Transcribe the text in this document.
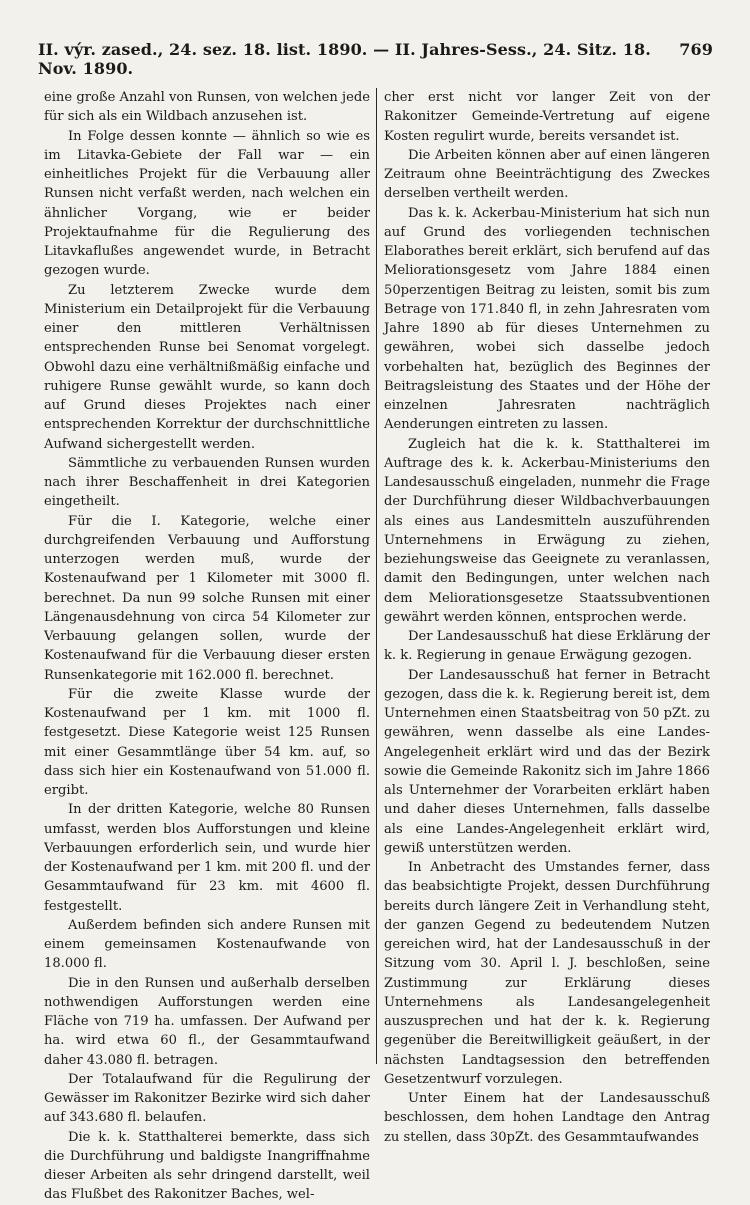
II. výr. zased., 24. sez. 18. list. 1890. — II. Jahres-Sess., 24. Sitz. 18. Nov. 1890.
769

eine große Anzahl von Runsen, von welchen jede für sich als ein Wildbach anzusehen ist.

In Folge dessen konnte — ähnlich so wie es im Litavka-Gebiete der Fall war — ein einheitliches Projekt für die Verbauung aller Runsen nicht verfaßt werden, nach welchen ein ähnlicher Vorgang, wie er beider Projektaufnahme für die Regulierung des Litavkaflußes angewendet wurde, in Betracht gezogen wurde.

Zu letzterem Zwecke wurde dem Ministerium ein Detailprojekt für die Verbauung einer den mittleren Verhältnissen entsprechenden Runse bei Senomat vorgelegt. Obwohl dazu eine verhältnißmäßig einfache und ruhigere Runse gewählt wurde, so kann doch auf Grund dieses Projektes nach einer entsprechenden Korrektur der durchschnittliche Aufwand sichergestellt werden.

Sämmtliche zu verbauenden Runsen wurden nach ihrer Beschaffenheit in drei Kategorien eingetheilt.

Für die I. Kategorie, welche einer durchgreifenden Verbauung und Aufforstung unterzogen werden muß, wurde der Kostenaufwand per 1 Kilometer mit 3000 fl. berechnet. Da nun 99 solche Runsen mit einer Längenausdehnung von circa 54 Kilometer zur Verbauung gelangen sollen, wurde der Kostenaufwand für die Verbauung dieser ersten Runsenkategorie mit 162.000 fl. berechnet.

Für die zweite Klasse wurde der Kostenaufwand per 1 km. mit 1000 fl. festgesetzt. Diese Kategorie weist 125 Runsen mit einer Gesammtlänge über 54 km. auf, so dass sich hier ein Kostenaufwand von 51.000 fl. ergibt.

In der dritten Kategorie, welche 80 Runsen umfasst, werden blos Aufforstungen und kleine Verbauungen erforderlich sein, und wurde hier der Kostenaufwand per 1 km. mit 200 fl. und der Gesammtaufwand für 23 km. mit 4600 fl. festgestellt.

Außerdem befinden sich andere Runsen mit einem gemeinsamen Kostenaufwande von 18.000 fl.

Die in den Runsen und außerhalb derselben nothwendigen Aufforstungen werden eine Fläche von 719 ha. umfassen. Der Aufwand per ha. wird etwa 60 fl., der Gesammtaufwand daher 43.080 fl. betragen.

Der Totalaufwand für die Regulirung der Gewässer im Rakonitzer Bezirke wird sich daher auf 343.680 fl. belaufen.

Die k. k. Statthalterei bemerkte, dass sich die Durchführung und baldigste Inangriffnahme dieser Arbeiten als sehr dringend darstellt, weil das Flußbet des Rakonitzer Baches, wel-

cher erst nicht vor langer Zeit von der Rakonitzer Gemeinde-Vertretung auf eigene Kosten regulirt wurde, bereits versandet ist.

Die Arbeiten können aber auf einen längeren Zeitraum ohne Beeinträchtigung des Zweckes derselben vertheilt werden.

Das k. k. Ackerbau-Ministerium hat sich nun auf Grund des vorliegenden technischen Elaborathes bereit erklärt, sich berufend auf das Meliorationsgesetz vom Jahre 1884 einen 50perzentigen Beitrag zu leisten, somit bis zum Betrage von 171.840 fl, in zehn Jahresraten vom Jahre 1890 ab für dieses Unternehmen zu gewähren, wobei sich dasselbe jedoch vorbehalten hat, bezüglich des Beginnes der Beitragsleistung des Staates und der Höhe der einzelnen Jahresraten nachträglich Aenderungen eintreten zu lassen.

Zugleich hat die k. k. Statthalterei im Auftrage des k. k. Ackerbau-Ministeriums den Landesausschuß eingeladen, nunmehr die Frage der Durchführung dieser Wildbachverbauungen als eines aus Landesmitteln auszuführenden Unternehmens in Erwägung zu ziehen, beziehungsweise das Geeignete zu veranlassen, damit den Bedingungen, unter welchen nach dem Meliorationsgesetze Staatssubventionen gewährt werden können, entsprochen werde.

Der Landesausschuß hat diese Erklärung der k. k. Regierung in genaue Erwägung gezogen.

Der Landesausschuß hat ferner in Betracht gezogen, dass die k. k. Regierung bereit ist, dem Unternehmen einen Staatsbeitrag von 50 pZt. zu gewähren, wenn dasselbe als eine Landes-Angelegenheit erklärt wird und das der Bezirk sowie die Gemeinde Rakonitz sich im Jahre 1866 als Unternehmer der Vorarbeiten erklärt haben und daher dieses Unternehmen, falls dasselbe als eine Landes-Angelegenheit erklärt wird, gewiß unterstützen werden.

In Anbetracht des Umstandes ferner, dass das beabsichtigte Projekt, dessen Durchführung bereits durch längere Zeit in Verhandlung steht, der ganzen Gegend zu bedeutendem Nutzen gereichen wird, hat der Landesausschuß in der Sitzung vom 30. April l. J. beschloßen, seine Zustimmung zur Erklärung dieses Unternehmens als Landesangelegenheit auszusprechen und hat der k. k. Regierung gegenüber die Bereitwilligkeit geäußert, in der nächsten Landtagsession den betreffenden Gesetzentwurf vorzulegen.

Unter Einem hat der Landesausschuß beschlossen, dem hohen Landtage den Antrag zu stellen, dass 30pZt. des Gesammtaufwandes
